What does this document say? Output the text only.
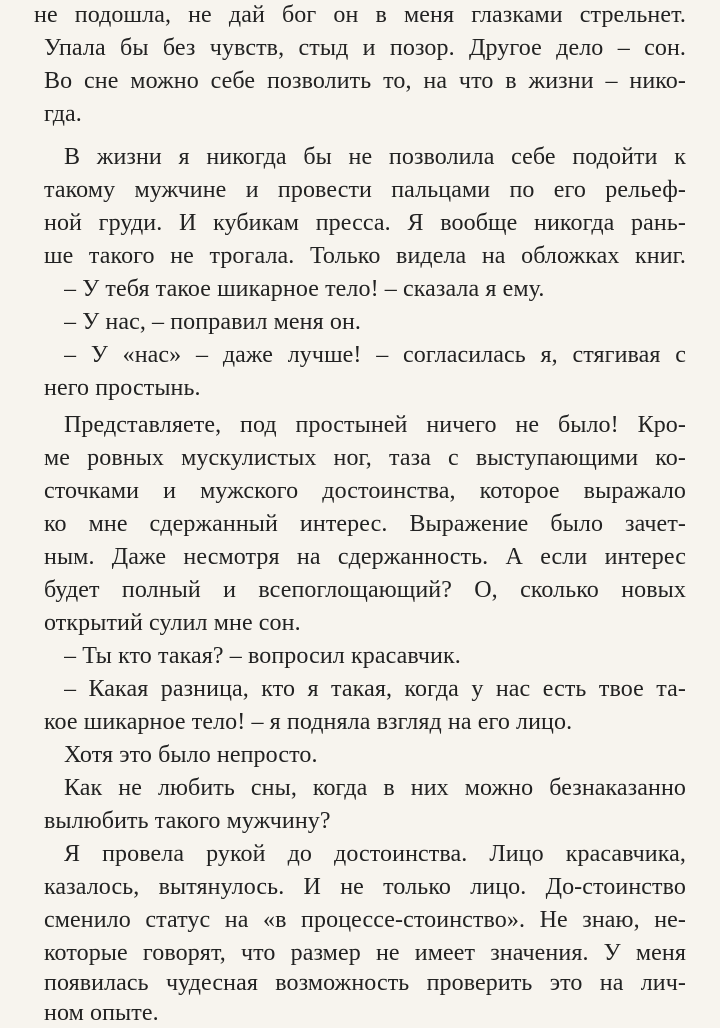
не подошла, не дай бог он в меня глазками стрельнет.
Упала бы без чувств, стыд и позор. Другое дело – сон.
Во сне можно себе позволить то, на что в жизни – нико-
гда.
В жизни я никогда бы не позволила себе подойти к
такому мужчине и провести пальцами по его рельеф-
ной груди. И кубикам пресса. Я вообще никогда рань-
ше такого не трогала. Только видела на обложках книг.
– У тебя такое шикарное тело! – сказала я ему.
– У нас, – поправил меня он.
– У «нас» – даже лучше! – согласилась я, стягивая с
него простынь.
Представляете, под простыней ничего не было! Кро-
ме ровных мускулистых ног, таза с выступающими ко-
сточками и мужского достоинства, которое выражало
ко мне сдержанный интерес. Выражение было зачет-
ным. Даже несмотря на сдержанность. А если интерес
будет полный и всепоглощающий? О, сколько новых
открытий сулил мне сон.
– Ты кто такая? – вопросил красавчик.
– Какая разница, кто я такая, когда у нас есть твое та-
кое шикарное тело! – я подняла взгляд на его лицо.
Хотя это было непросто.
Как не любить сны, когда в них можно безнаказанно
вылюбить такого мужчину?
Я провела рукой до достоинства. Лицо красавчика,
казалось, вытянулось. И не только лицо. До-стоинство
сменило статус на «в процессе-стоинство». Не знаю, не-
которые говорят, что размер не имеет значения. У меня
появилась чудесная возможность проверить это на лич-
ном опыте.
